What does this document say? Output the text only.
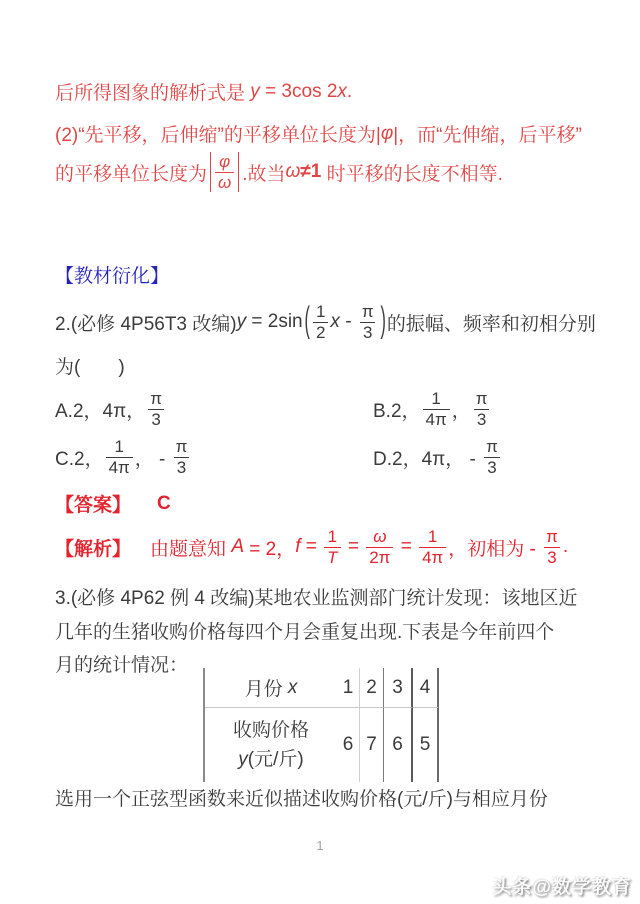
后所得图象的解析式是 y = 3cos 2 x .
(2)“先平移，后伸缩”的平移单位长度为| φ |，而“先伸缩，后平移”
的平移单位长度为 $\frac{\varphi}{\omega}$ .故当 ω ≠1 时平移的长度不相等.
【教材衍化】
2.(必修 4P56T3 改编) y = 2sin ( $\frac{1}{2}$ x - $\frac{\pi}{3}$ ) 的振幅、频率和初相分别
为(　　)
A.2，4π， $\frac{\pi}{3}$	B.2， $\frac{1}{4\pi}$ ， $\frac{\pi}{3}$
C.2， $\frac{1}{4\pi}$ ， - $\frac{\pi}{3}$	D.2，4π， - $\frac{\pi}{3}$
【答案】 C
【解析】
　 由题意知 A = 2， $f = \frac{1}{T} = \frac{\omega}{2\pi} = \frac{1}{4\pi}$ ，初相为 - $\frac{\pi}{3}$ .
3.(必修 4P62 例 4 改编)某地农业监测部门统计发现：该地区近
几年的生猪收购价格每四个月会重复出现.下表是今年前四个
月的统计情况：
月份 x 1 2 3 4
收购价格
y(元/斤)
6 7 6 5
选用一个正弦型函数来近似描述收购价格(元/斤)与相应月份
1
头条@数学教育
